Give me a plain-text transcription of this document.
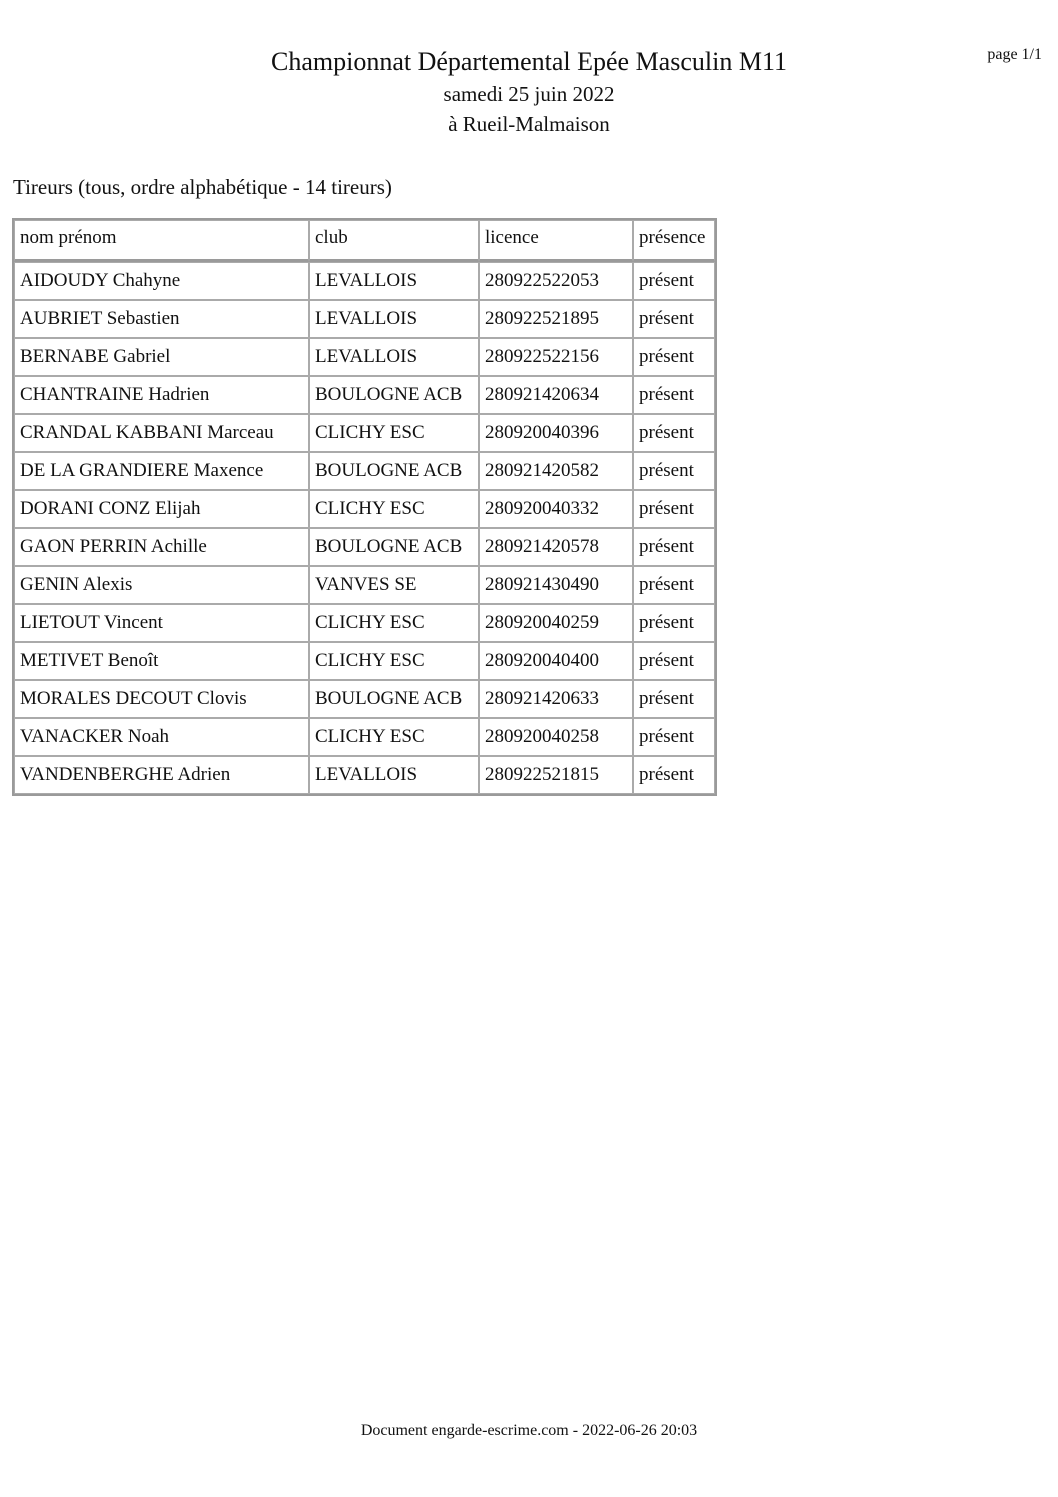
Championnat Départemental Epée Masculin M11

samedi 25 juin 2022

à Rueil-Malmaison

page 1/1
Tireurs (tous, ordre alphabétique - 14 tireurs)
nom prénom	club	licence	présence
AIDOUDY Chahyne	LEVALLOIS	280922522053	présent
AUBRIET Sebastien	LEVALLOIS	280922521895	présent
BERNABE Gabriel	LEVALLOIS	280922522156	présent
CHANTRAINE Hadrien	BOULOGNE ACB	280921420634	présent
CRANDAL KABBANI Marceau	CLICHY ESC	280920040396	présent
DE LA GRANDIERE Maxence	BOULOGNE ACB	280921420582	présent
DORANI CONZ Elijah	CLICHY ESC	280920040332	présent
GAON PERRIN Achille	BOULOGNE ACB	280921420578	présent
GENIN Alexis	VANVES SE	280921430490	présent
LIETOUT Vincent	CLICHY ESC	280920040259	présent
METIVET Benoît	CLICHY ESC	280920040400	présent
MORALES DECOUT Clovis	BOULOGNE ACB	280921420633	présent
VANACKER Noah	CLICHY ESC	280920040258	présent
VANDENBERGHE Adrien	LEVALLOIS	280922521815	présent
Document engarde-escrime.com - 2022-06-26 20:03
